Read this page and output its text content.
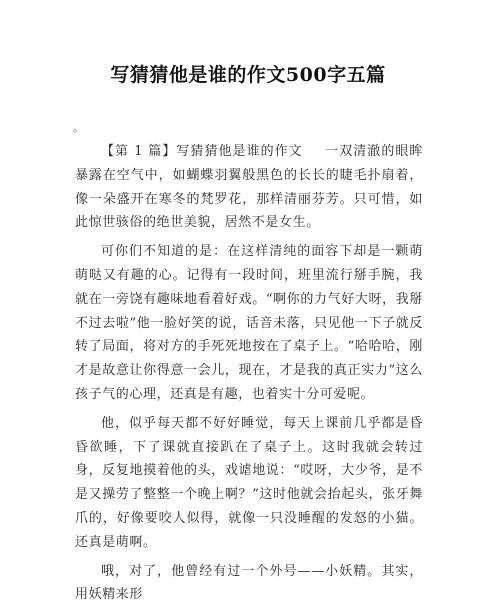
写猜猜他是谁的作文500字五篇
。

【第 1 篇】写猜猜他是谁的作文 一双清澈的眼眸暴露在空气中，如蝴蝶羽翼般黑色的长长的睫毛扑扇着，像一朵盛开在寒冬的梵罗花，那样清丽芬芳。只可惜，如此惊世骇俗的绝世美貌，居然不是女生。

可你们不知道的是：在这样清纯的面容下却是一颗萌萌哒又有趣的心。记得有一段时间，班里流行掰手腕，我就在一旁饶有趣味地看着好戏。“啊你的力气好大呀，我掰不过去啦”他一脸好笑的说，话音未落，只见他一下子就反转了局面，将对方的手死死地按在了桌子上。“哈哈哈，刚才是故意让你得意一会儿，现在，才是我的真正实力”这么孩子气的心理，还真是有趣，也着实十分可爱呢。

他，似乎每天都不好好睡觉，每天上课前几乎都是昏昏欲睡，下了课就直接趴在了桌子上。这时我就会转过身，反复地摸着他的头，戏谑地说：“哎呀，大少爷，是不是又操劳了整整一个晚上啊？”这时他就会抬起头，张牙舞爪的，好像要咬人似得，就像一只没睡醒的发怒的小猫。还真是萌啊。

哦，对了，他曾经有过一个外号——小妖精。其实，用妖精来形
